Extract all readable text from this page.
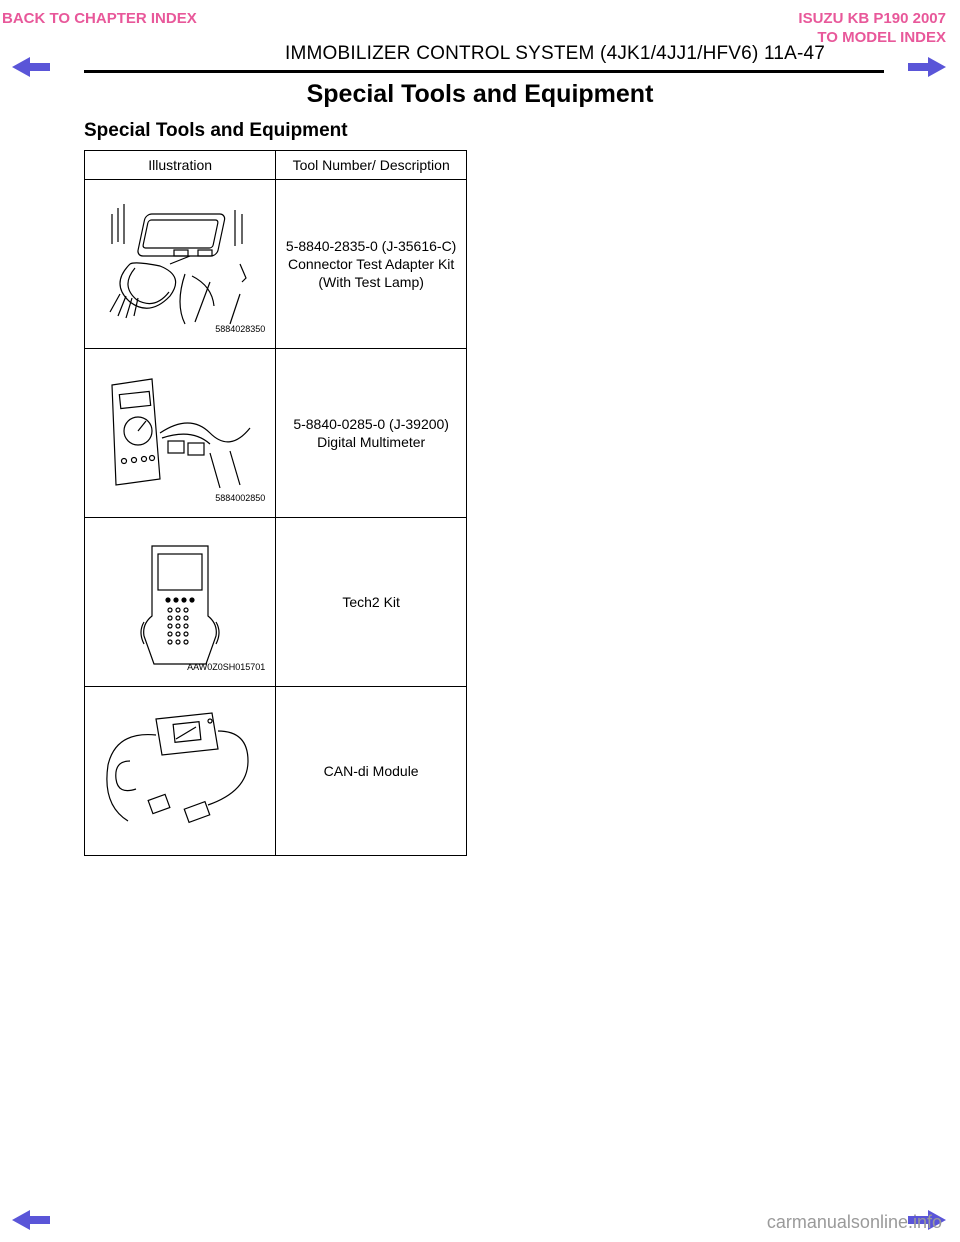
BACK TO CHAPTER INDEX	ISUZU KB P190 2007
TO MODEL INDEX
IMMOBILIZER CONTROL SYSTEM (4JK1/4JJ1/HFV6) 11A-47
Special Tools and Equipment
Special Tools and Equipment
Illustration	Tool Number/ Description

5884028350	5-8840-2835-0 (J-35616-C)
Connector Test Adapter Kit
(With Test Lamp)

5884002850	5-8840-0285-0 (J-39200)
Digital Multimeter

AAW0Z0SH015701	Tech2 Kit

CAN-di Module
carmanualsonline.info
